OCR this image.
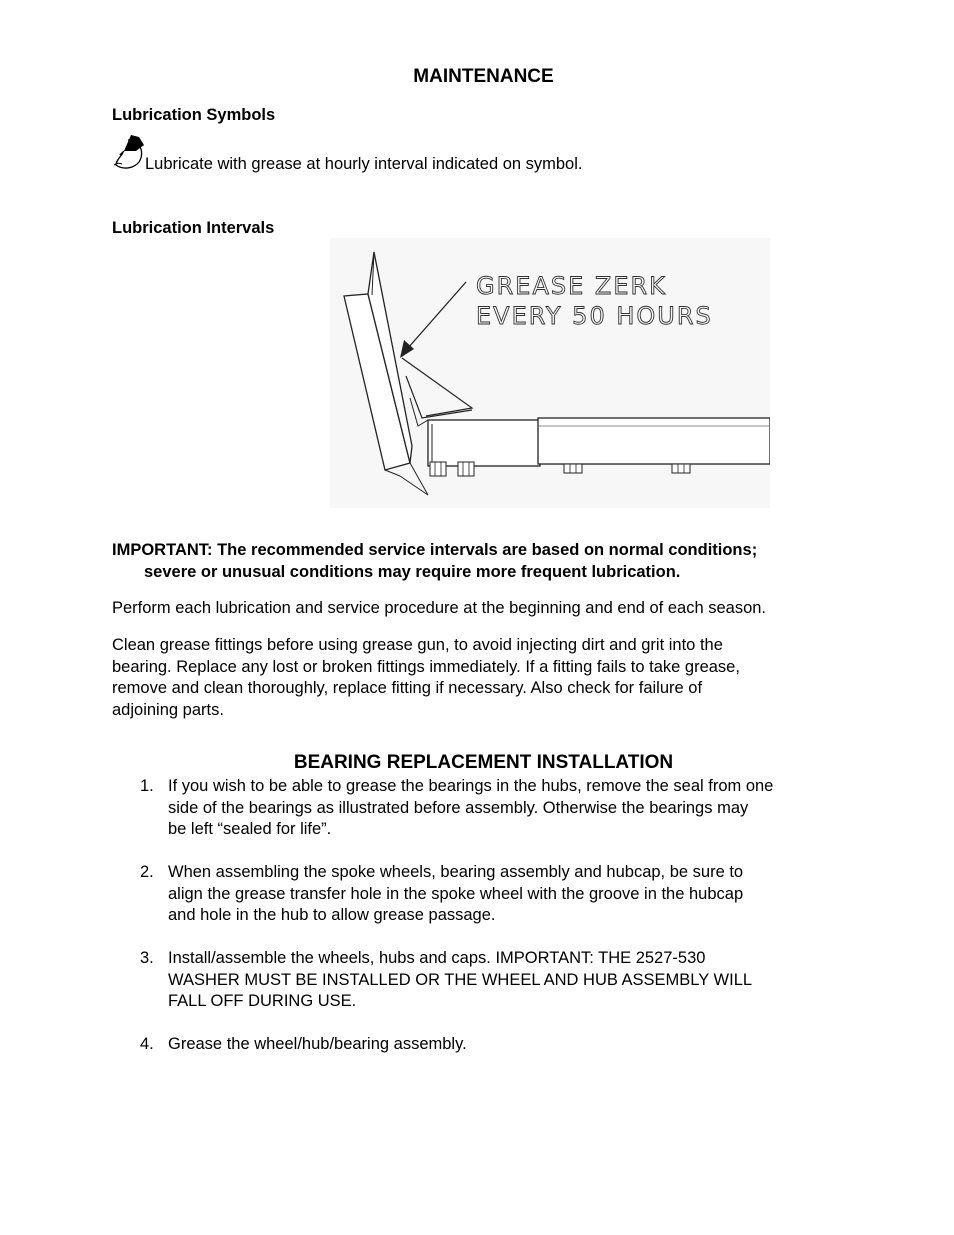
MAINTENANCE
Lubrication Symbols
Lubricate with grease at hourly interval indicated on symbol.
Lubrication Intervals
GREASE ZERK
EVERY 50 HOURS
IMPORTANT: The recommended service intervals are based on normal conditions;
severe or unusual conditions may require more frequent lubrication.
Perform each lubrication and service procedure at the beginning and end of each season.
Clean grease fittings before using grease gun, to avoid injecting dirt and grit into the
bearing. Replace any lost or broken fittings immediately. If a fitting fails to take grease,
remove and clean thoroughly, replace fitting if necessary. Also check for failure of
adjoining parts.
BEARING REPLACEMENT INSTALLATION
1. If you wish to be able to grease the bearings in the hubs, remove the seal from one
side of the bearings as illustrated before assembly. Otherwise the bearings may
be left “sealed for life”.
2. When assembling the spoke wheels, bearing assembly and hubcap, be sure to
align the grease transfer hole in the spoke wheel with the groove in the hubcap
and hole in the hub to allow grease passage.
3. Install/assemble the wheels, hubs and caps. IMPORTANT: THE 2527-530
WASHER MUST BE INSTALLED OR THE WHEEL AND HUB ASSEMBLY WILL
FALL OFF DURING USE.
4. Grease the wheel/hub/bearing assembly.
